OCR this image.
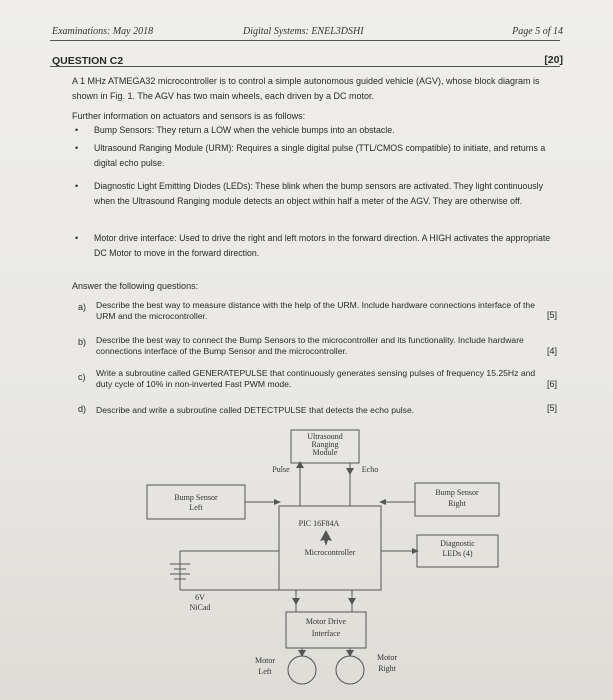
Examinations: May 2018	Digital Systems: ENEL3DSHI	Page 5 of 14
QUESTION C2	[20]
A 1 MHz ATMEGA32 microcontroller is to control a simple autonomous guided vehicle (AGV), whose block diagram is shown in Fig. 1. The AGV has two main wheels, each driven by a DC motor.
Further information on actuators and sensors is as follows:
• Bump Sensors: They return a LOW when the vehicle bumps into an obstacle.
• Ultrasound Ranging Module (URM): Requires a single digital pulse (TTL/CMOS compatible) to initiate, and returns a digital echo pulse.
• Diagnostic Light Emitting Diodes (LEDs): These blink when the bump sensors are activated. They light continuously when the Ultrasound Ranging module detects an object within half a meter of the AGV. They are otherwise off.
• Motor drive interface: Used to drive the right and left motors in the forward direction. A HIGH activates the appropriate DC Motor to move in the forward direction.
Answer the following questions:
a) Describe the best way to measure distance with the help of the URM. Include hardware connections interface of the URM and the microcontroller.	[5]
b) Describe the best way to connect the Bump Sensors to the microcontroller and its functionality. Include hardware connections interface of the Bump Sensor and the microcontroller.	[4]
c) Write a subroutine called GENERATEPULSE that continuously generates sensing pulses of frequency 15.25Hz and duty cycle of 10% in non-inverted Fast PWM mode.	[6]
d) Describe and write a subroutine called DETECTPULSE that detects the echo pulse.	[5]
Ultrasound
Ranging
Module
Pulse	Echo
Bump Sensor
Left
Bump Sensor
Right
PIC 16F84A
Microcontroller
Diagnostic
LEDs (4)
6V
NiCad
Motor Drive
Interface
Motor
Left
Motor
Right
